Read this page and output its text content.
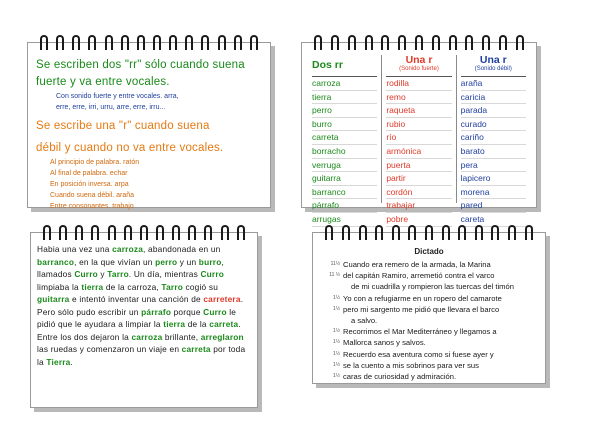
Se escriben dos "rr" sólo cuando suena
fuerte y va entre vocales.
Con sonido fuerte y entre vocales. arra,
erre, erre, irri, urru, arre, erre, irru...
Se escribe una "r" cuando suena
débil y cuando no va entre vocales.
Al principio de palabra. ratón
Al final de palabra. echar
En posición inversa. arpa
Cuando suena débil. araña
Entre consonantes. trabajo
Dos rr
carroza
tierra
perro
burro
carreta
borracho
verruga
guitarra
barranco
párrafo
arrugas
Una r
(Sonido fuerte)
rodilla
remo
raqueta
rubio
río
armónica
puerta
partir
cordón
trabajar
pobre
Una r
(Sonido débil)
araña
caricia
parada
curado
cariño
barato
pera
lapicero
morena
pared
careta

Habia una vez una carroza, abandonada en un barranco, en la que vivían un perro y un burro, llamados Curro y Tarro. Un día, mientras Curro limpiaba la tierra de la carroza, Tarro cogió su guitarra e intentó inventar una canción de carretera. Pero sólo pudo escribir un párrafo porque Curro le pidió que le ayudara a limpiar la tierra de la carreta. Entre los dos dejaron la carroza brillante, arreglaron las ruedas y comenzaron un viaje en carreta por toda la Tierra.

Dictado
11½ Cuando era remero de la armada, la Marina
11 ½ del capitán Ramiro, arremetió contra el varco
de mi cuadrilla y rompieron las tuercas del timón
1½ Yo con a refugiarme en un ropero del camarote
1½ pero mi sargento me pidió que llevara el barco
a salvo.
1½ Recorrimos el Mar Mediterráneo y llegamos a
1½ Mallorca sanos y salvos.
1½ Recuerdo esa aventura como si fuese ayer y
1½ se la cuento a mis sobrinos para ver sus
1½ caras de curiosidad y admiración.
